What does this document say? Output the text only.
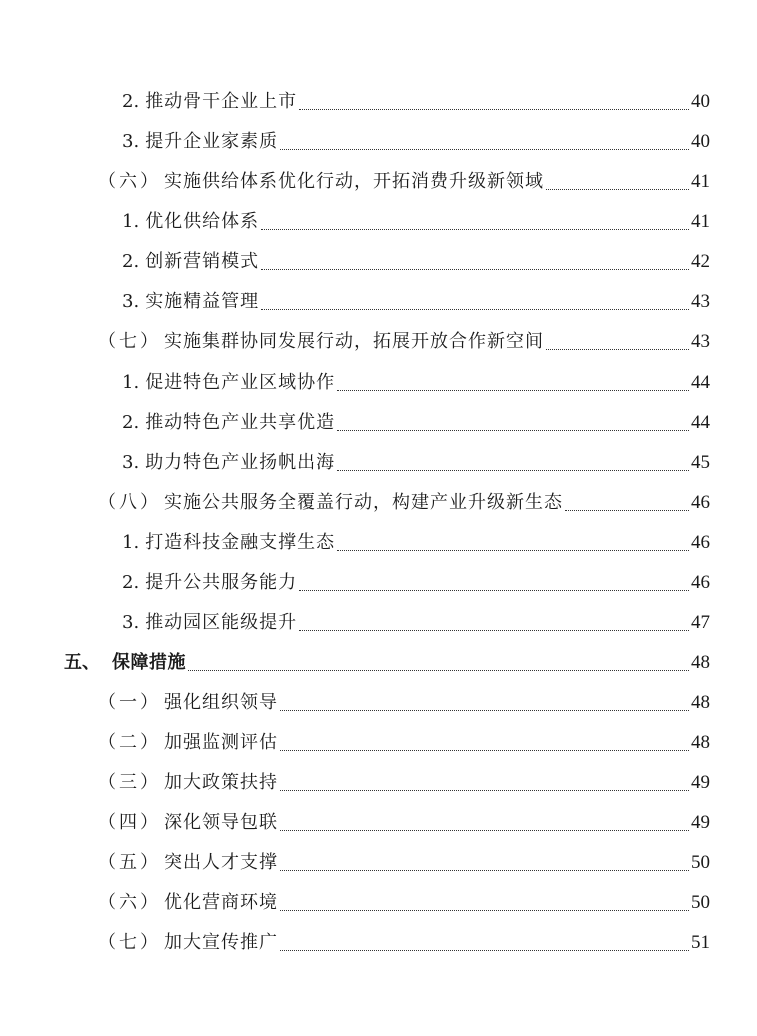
2. 推动骨干企业上市	40
3. 提升企业家素质	40
（六） 实施供给体系优化行动，开拓消费升级新领域	41
1. 优化供给体系	41
2. 创新营销模式	42
3. 实施精益管理	43
（七） 实施集群协同发展行动，拓展开放合作新空间	43
1. 促进特色产业区域协作	44
2. 推动特色产业共享优造	44
3. 助力特色产业扬帆出海	45
（八） 实施公共服务全覆盖行动，构建产业升级新生态	46
1. 打造科技金融支撑生态	46
2. 提升公共服务能力	46
3. 推动园区能级提升	47
五、 保障措施	48
（一） 强化组织领导	48
（二） 加强监测评估	48
（三） 加大政策扶持	49
（四） 深化领导包联	49
（五） 突出人才支撑	50
（六） 优化营商环境	50
（七） 加大宣传推广	51
